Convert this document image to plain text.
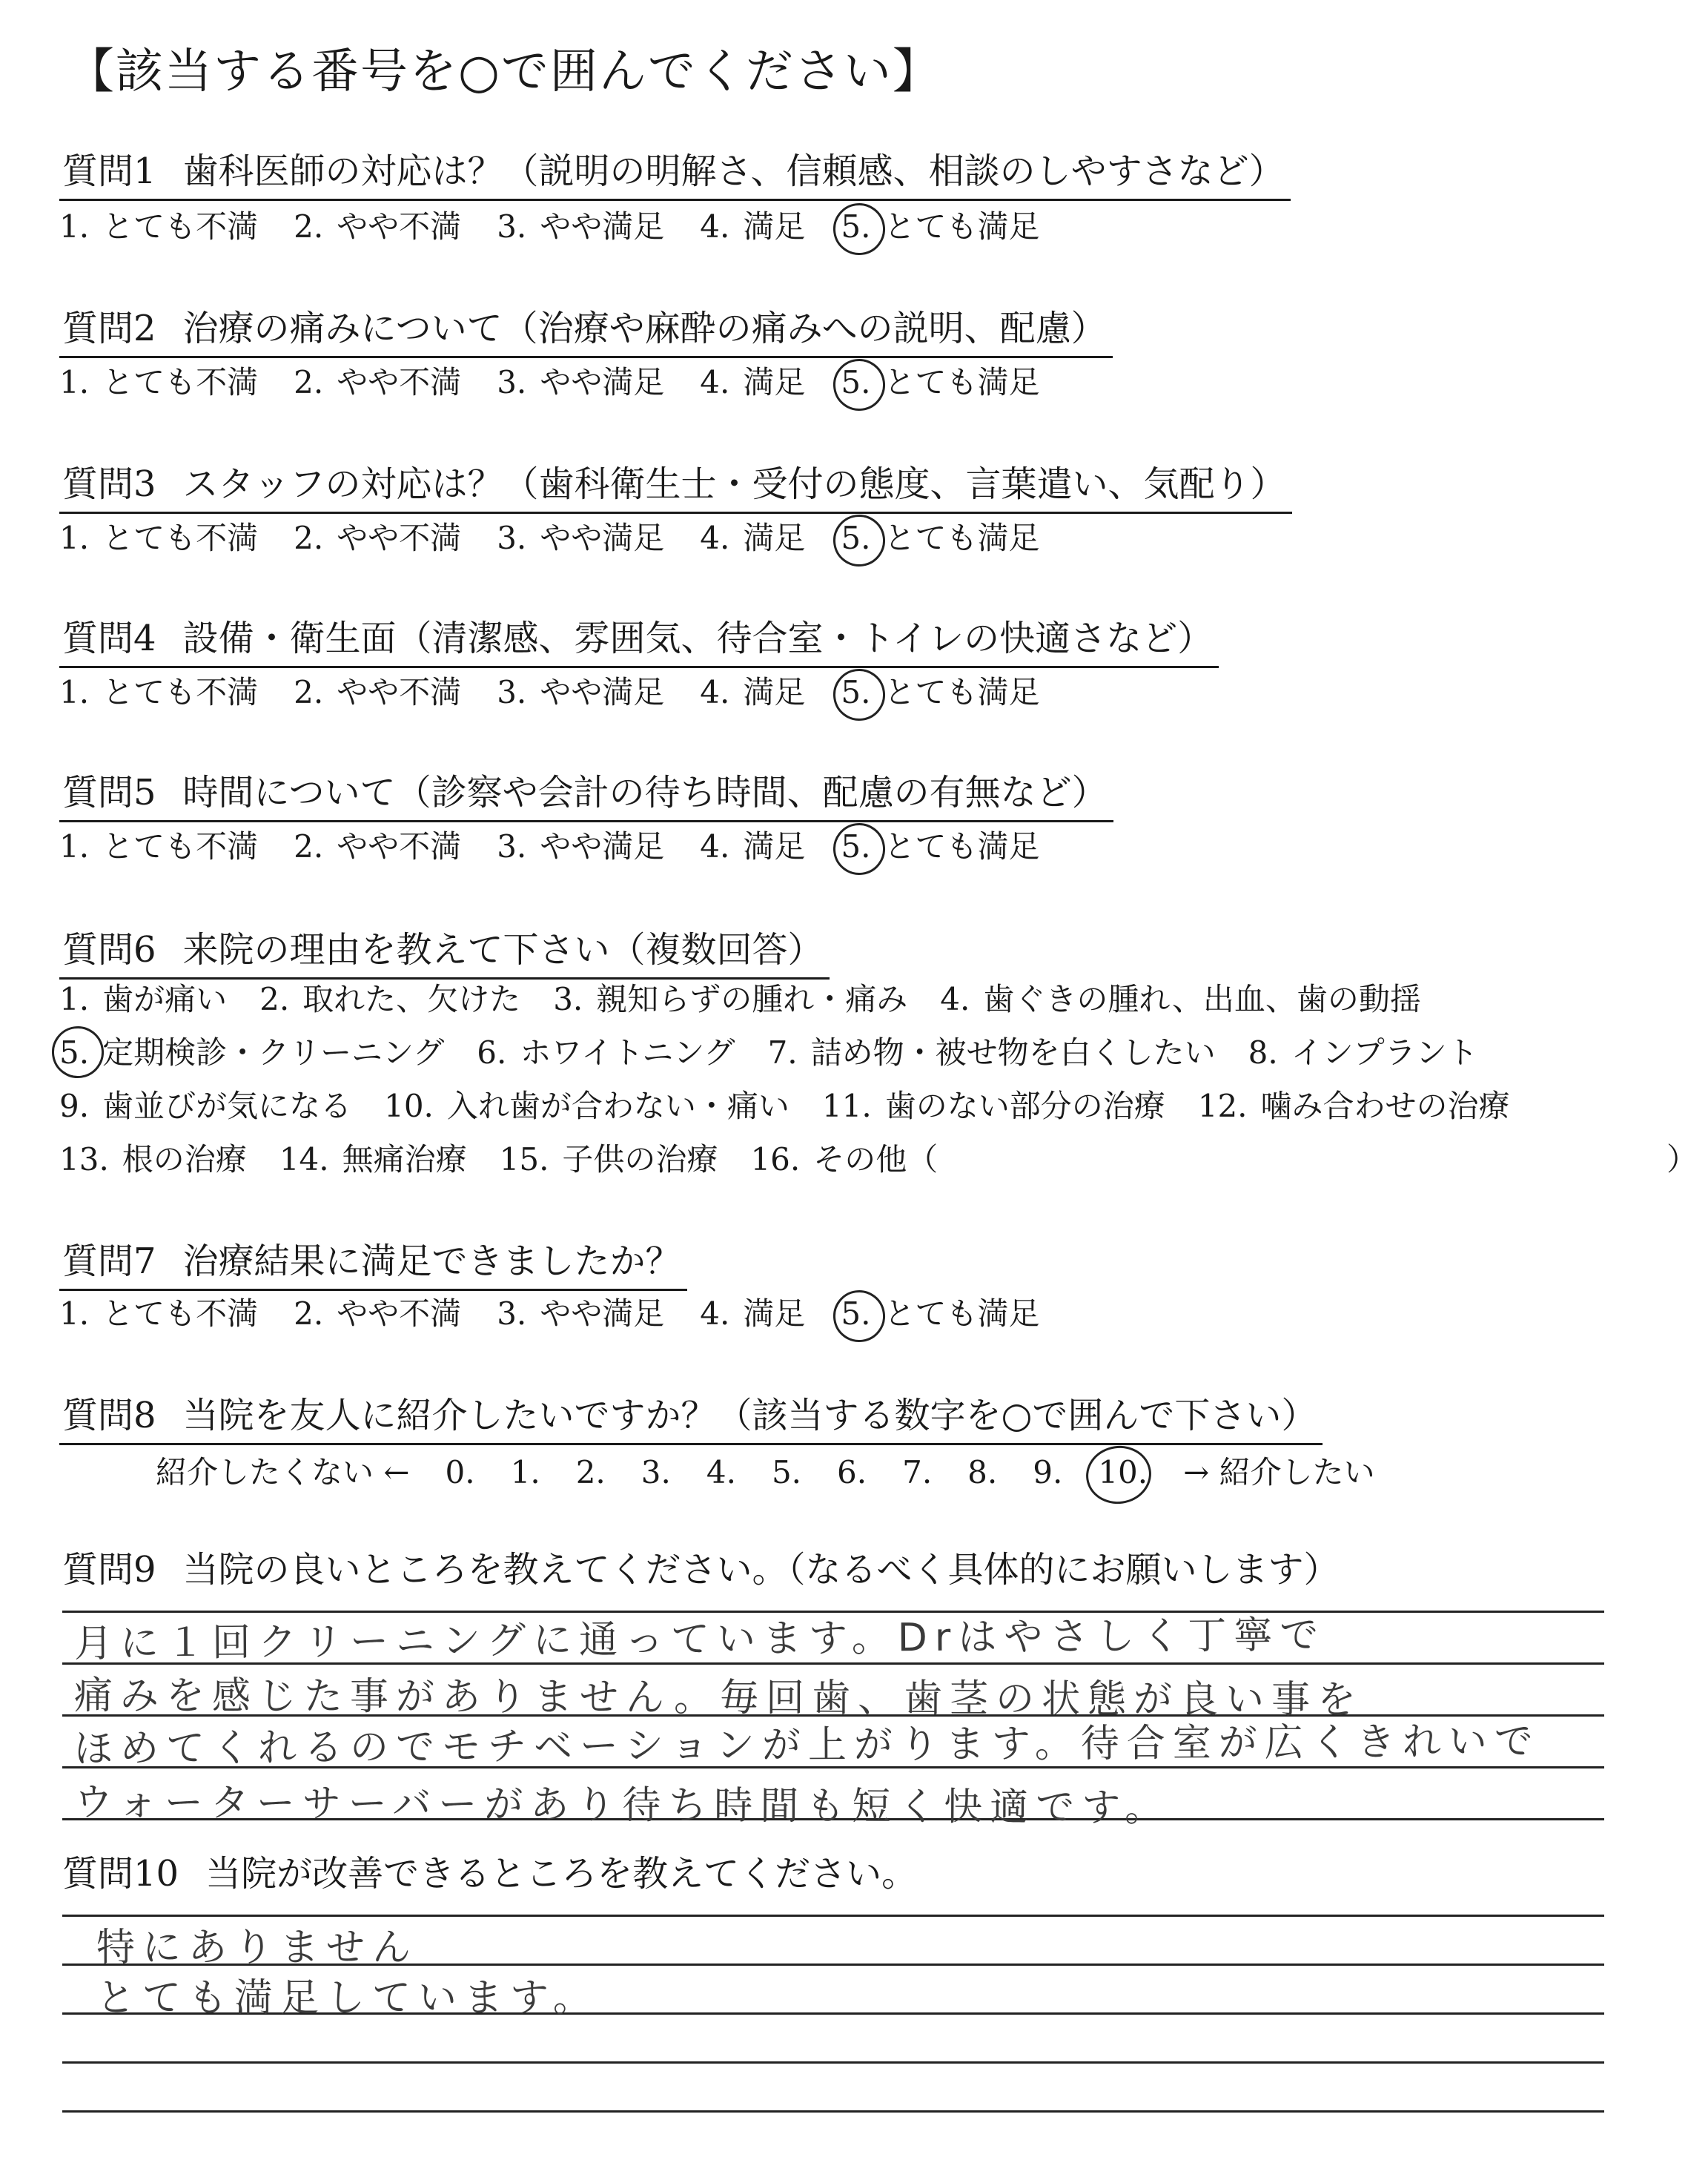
【該当する番号を○で囲んでください】
質問1 歯科医師の対応は？（説明の明解さ、信頼感、相談のしやすさなど）
1. とても不満 2. やや不満 3. やや満足 4. 満足 5. とても満足
質問2 治療の痛みについて（治療や麻酔の痛みへの説明、配慮）
1. とても不満 2. やや不満 3. やや満足 4. 満足 5. とても満足
質問3 スタッフの対応は？（歯科衛生士・受付の態度、言葉遣い、気配り）
1. とても不満 2. やや不満 3. やや満足 4. 満足 5. とても満足
質問4 設備・衛生面（清潔感、雰囲気、待合室・トイレの快適さなど）
1. とても不満 2. やや不満 3. やや満足 4. 満足 5. とても満足
質問5 時間について（診察や会計の待ち時間、配慮の有無など）
1. とても不満 2. やや不満 3. やや満足 4. 満足 5. とても満足
質問6 来院の理由を教えて下さい（複数回答）
1. 歯が痛い 2. 取れた、欠けた 3. 親知らずの腫れ・痛み 4. 歯ぐきの腫れ、出血、歯の動揺
5. 定期検診・クリーニング 6. ホワイトニング 7. 詰め物・被せ物を白くしたい 8. インプラント
9. 歯並びが気になる 10. 入れ歯が合わない・痛い 11. 歯のない部分の治療 12. 噛み合わせの治療
13. 根の治療 14. 無痛治療 15. 子供の治療 16. その他（	）
質問7 治療結果に満足できましたか？
1. とても不満 2. やや不満 3. やや満足 4. 満足 5. とても満足
質問8 当院を友人に紹介したいですか？（該当する数字を○で囲んで下さい）
紹介したくない ← 0. 1. 2. 3. 4. 5. 6. 7. 8. 9. 10. → 紹介したい
質問9 当院の良いところを教えてください。（なるべく具体的にお願いします）
月に１回クリーニングに通っています。Drはやさしく丁寧で
痛みを感じた事がありません。毎回歯、歯茎の状態が良い事を
ほめてくれるのでモチベーションが上がります。待合室が広くきれいで
ウォーターサーバーがあり待ち時間も短く快適です。
質問10 当院が改善できるところを教えてください。
特にありません
とても満足しています。
